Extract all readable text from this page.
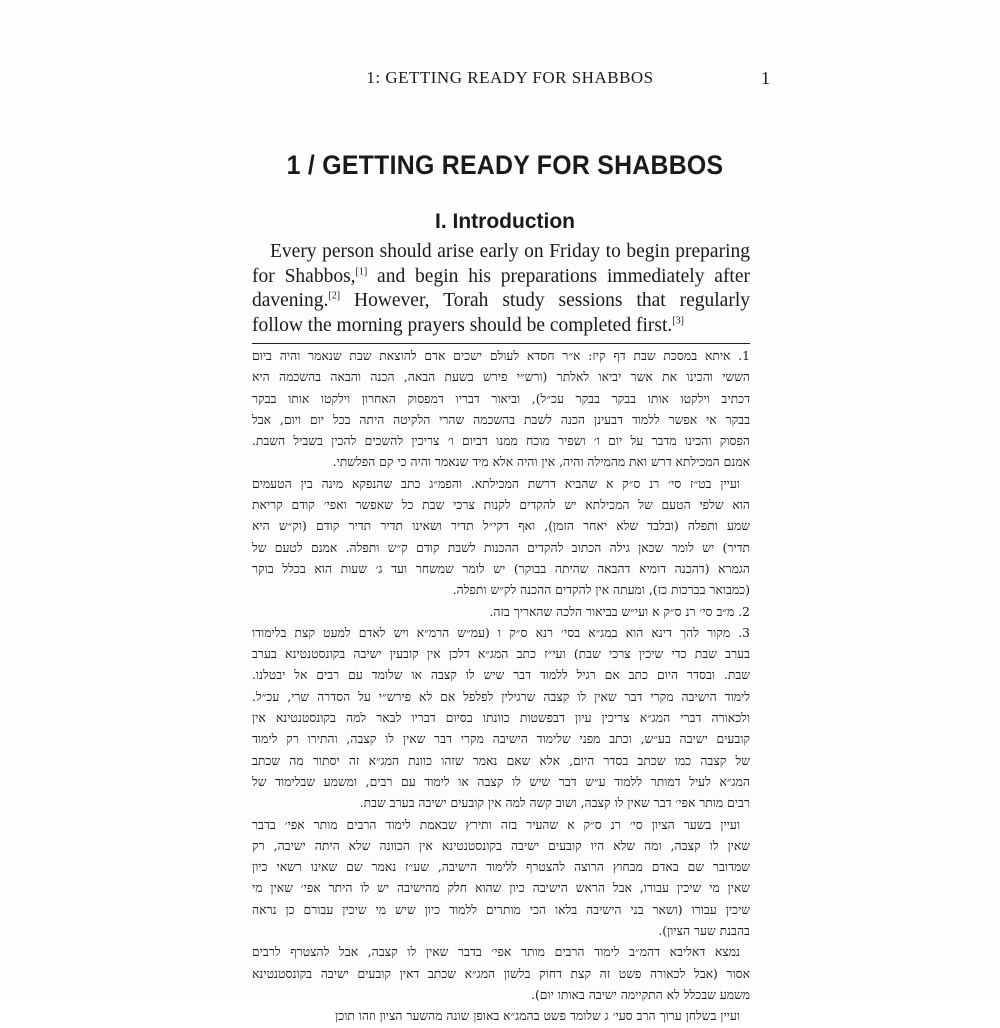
1: GETTING READY FOR SHABBOS	1
1 / GETTING READY FOR SHABBOS
I. Introduction
Every person should arise early on Friday to begin preparing for Shabbos,[1] and begin his preparations immediately after davening.[2] However, Torah study sessions that regularly follow the morning prayers should be completed first.[3]
1. איתא במסכת שבת דף קיז: א״ר חסדא לעולם ישכים אדם להוצאת שבת שנאמר והיה ביום
הששי והכינו את אשר יביאו לאלתר (ורש״י פירש בשעת הבאה, הכנה והבאה בהשכמה היא
דכתיב וילקטו אותו בבקר בבקר עכ״ל), וביאור דבריו דמפסוק האחרון וילקטו אותו בבקר
בבקר אי אפשר ללמוד דבעינן הכנה לשבת בהשכמה שהרי הלקיטה היתה בכל יום ויום, אבל
הפסוק והכינו מדבר על יום ו׳ ושפיר מוכח ממנו דביום ו׳ צריכין להשכים להכין בשביל השבת.
אמנם המכילתא דרש ואת מהמילה והיה, אין והיה אלא מיד שנאמר והיה כי קם הפלשתי.
ועיין בט״ז סי׳ רנ ס״ק א שהביא דרשת המכילתא. והפמ״ג כתב שהנפקא מינה בין הטעמים
הוא שלפי הטעם של המכילתא יש להקדים לקנות צרכי שבת כל שאפשר ואפי׳ קודם קריאת
שמע ותפלה (ובלבד שלא יאחר הזמן), ואף דקי״ל תדיר ושאינו תדיר תדיר קודם (וק״ש היא
תדיר) יש לומר שכאן גילה הכתוב להקדים ההכנות לשבת קודם ק״ש ותפלה. אמנם לטעם של
הגמרא (דהכנה דומיא דהבאה שהיתה בבוקר) יש לומר שמשחר ועד ג׳ שעות הוא בכלל בוקר
(כמבואר בברכות כז), ומעתה אין להקדים ההכנה לק״ש ותפלה.
2. מ״ב סי׳ רנ ס״ק א ועי״ש בביאור הלכה שהאריך בזה.
3. מקור להך דינא הוא במג״א בסי׳ רנא ס״ק ו (עמ״ש הרמ״א ויש לאדם למעט קצת בלימודו
בערב שבת כדי שיכין צרכי שבת) ועי״ז כתב המג״א דלכן אין קובעין ישיבה בקונסטנטינא בערב
שבת. ובסדר היום כתב אם רגיל ללמוד דבר שיש לו קצבה או שלומד עם רבים אל יבטלנו.
לימוד הישיבה מקרי דבר שאין לו קצבה שרגילין לפלפל אם לא פירש״י על הסדרה שרי, עכ״ל.
ולכאורה דברי המג״א צריכין עיון דבפשטות כוונתו בסיום דבריו לבאר למה בקונסטנטינא אין
קובעים ישיבה בע״ש, וכתב מפני שלימוד הישיבה מקרי דבר שאין לו קצבה, והתירו רק לימוד
של קצבה כמו שכתב בסדר היום, אלא שאם נאמר שזהו כוונת המג״א זה יסתור מה שכתב
המג״א לעיל דמותר ללמוד ע״ש דבר שיש לו קצבה או לימוד עם רבים, ומשמע שבלימוד של
רבים מותר אפי׳ דבר שאין לו קצבה, ושוב קשה למה אין קובעים ישיבה בערב שבת.
ועיין בשער הציון סי׳ רנ ס״ק א שהעיר בזה ותירץ שבאמת לימוד הרבים מותר אפי׳ בדבר
שאין לו קצבה, ומה שלא היו קובעים ישיבה בקונסטנטינא אין הכוונה שלא היתה ישיבה, רק
שמדובר שם באדם מבחוץ הרוצה להצטרף ללימוד הישיבה, שע״ז נאמר שם שאינו רשאי כיון
שאין מי שיכין עבורו, אבל הראש הישיבה כיון שהוא חלק מהישיבה יש לו היתר אפי׳ שאין מי
שיכין עבורו (ושאר בני הישיבה בלאו הכי מותרים ללמוד כיון שיש מי שיכין עבורם כן נראה
בהבנת שער הציון).
נמצא דאליבא דהמ״ב לימוד הרבים מותר אפי׳ בדבר שאין לו קצבה, אבל להצטרף לרבים
אסור (אבל לכאורה פשט זה קצת דחוק בלשון המג״א שכתב דאין קובעים ישיבה בקונסטנטינא
משמע שבכלל לא התקיימה ישיבה באותו יום).
ועיין בשלחן ערוך הרב סעי׳ ג שלומד פשט בהמג״א באופן שונה מהשער הציון וזהו תוכן
